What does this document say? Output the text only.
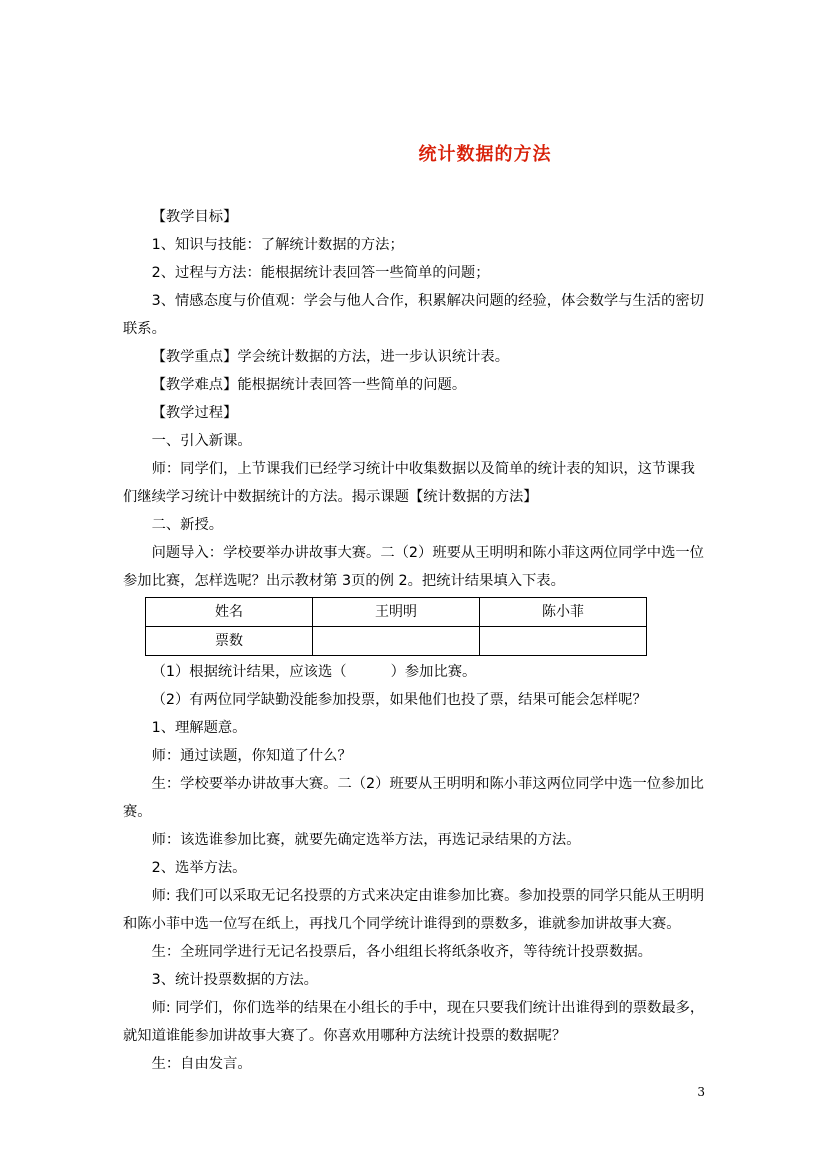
统计数据的方法

【教学目标】

1、知识与技能：了解统计数据的方法；

2、过程与方法：能根据统计表回答一些简单的问题；

3、情感态度与价值观：学会与他人合作，积累解决问题的经验，体会数学与生活的密切联系。

【教学重点】学会统计数据的方法，进一步认识统计表。

【教学难点】能根据统计表回答一些简单的问题。

【教学过程】

一、引入新课。

师：同学们，上节课我们已经学习统计中收集数据以及简单的统计表的知识，这节课我们继续学习统计中数据统计的方法。揭示课题【统计数据的方法】

二、新授。

问题导入：学校要举办讲故事大赛。二（2）班要从王明明和陈小菲这两位同学中选一位参加比赛，怎样选呢？出示教材第 3页的例 2。把统计结果填入下表。

姓名	王明明	陈小菲
票数		

（1）根据统计结果，应该选（	）参加比赛。

（2）有两位同学缺勤没能参加投票，如果他们也投了票，结果可能会怎样呢？

1、理解题意。

师：通过读题，你知道了什么？

生：学校要举办讲故事大赛。二（2）班要从王明明和陈小菲这两位同学中选一位参加比赛。

师：该选谁参加比赛，就要先确定选举方法，再选记录结果的方法。

2、选举方法。

师: 我们可以采取无记名投票的方式来决定由谁参加比赛。参加投票的同学只能从王明明和陈小菲中选一位写在纸上，再找几个同学统计谁得到的票数多，谁就参加讲故事大赛。

生：全班同学进行无记名投票后，各小组组长将纸条收齐，等待统计投票数据。

3、统计投票数据的方法。

师: 同学们，你们选举的结果在小组长的手中，现在只要我们统计出谁得到的票数最多，就知道谁能参加讲故事大赛了。你喜欢用哪种方法统计投票的数据呢？

生：自由发言。

3
